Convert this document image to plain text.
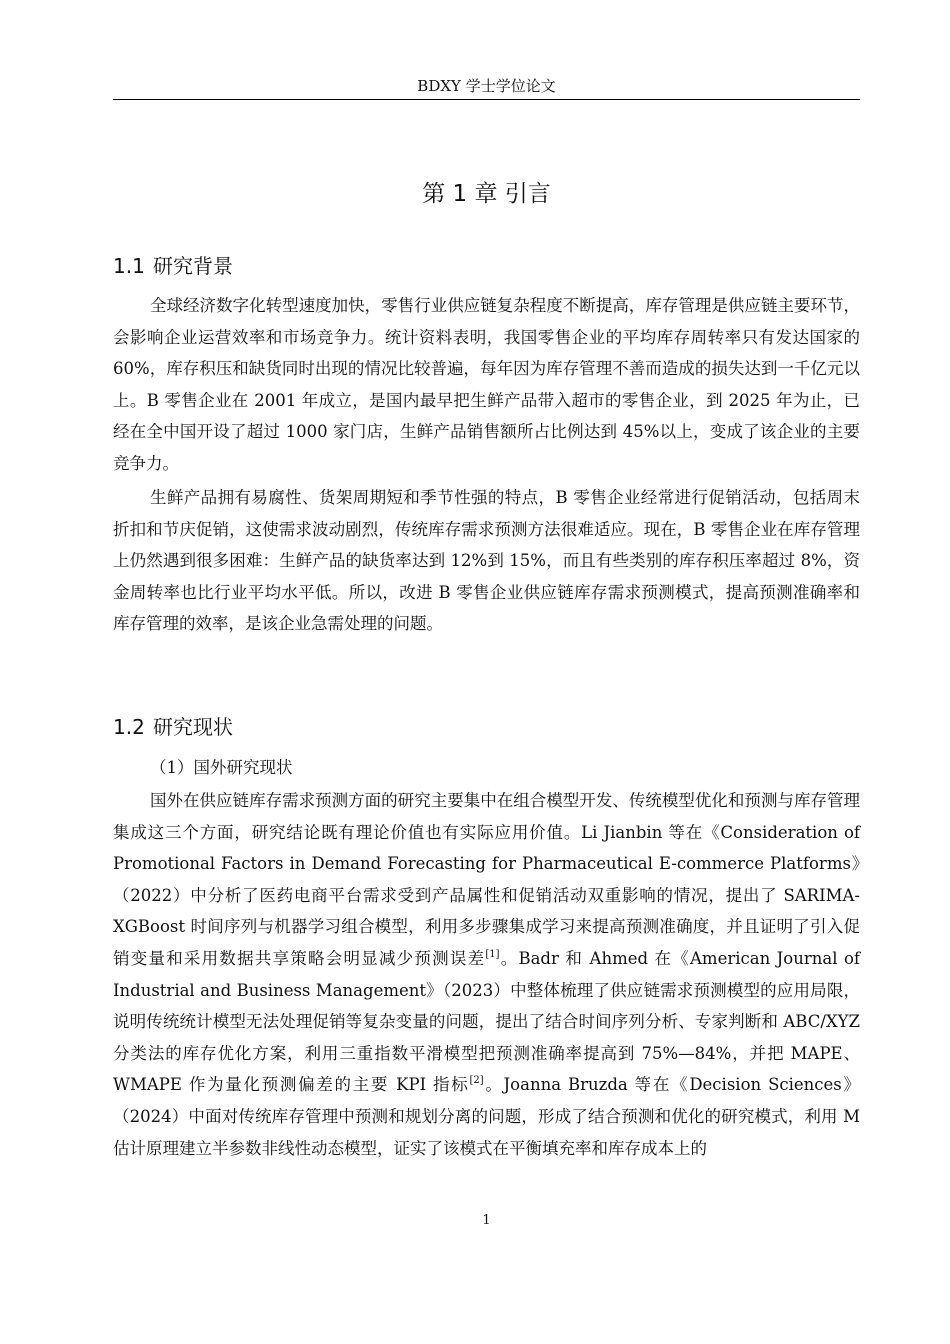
BDXY 学士学位论文
第 1 章 引言
1.1 研究背景

全球经济数字化转型速度加快，零售行业供应链复杂程度不断提高，库存管理是供应链主要环节，会影响企业运营效率和市场竞争力。统计资料表明，我国零售企业的平均库存周转率只有发达国家的 60%，库存积压和缺货同时出现的情况比较普遍，每年因为库存管理不善而造成的损失达到一千亿元以上。B 零售企业在 2001 年成立，是国内最早把生鲜产品带入超市的零售企业，到 2025 年为止，已经在全中国开设了超过 1000 家门店，生鲜产品销售额所占比例达到 45%以上，变成了该企业的主要竞争力。

生鲜产品拥有易腐性、货架周期短和季节性强的特点，B 零售企业经常进行促销活动，包括周末折扣和节庆促销，这使需求波动剧烈，传统库存需求预测方法很难适应。现在，B 零售企业在库存管理上仍然遇到很多困难：生鲜产品的缺货率达到 12%到 15%，而且有些类别的库存积压率超过 8%，资金周转率也比行业平均水平低。所以，改进 B 零售企业供应链库存需求预测模式，提高预测准确率和库存管理的效率，是该企业急需处理的问题。

1.2 研究现状
（1）国外研究现状

国外在供应链库存需求预测方面的研究主要集中在组合模型开发、传统模型优化和预测与库存管理集成这三个方面，研究结论既有理论价值也有实际应用价值。Li Jianbin 等在《Consideration of Promotional Factors in Demand Forecasting for Pharmaceutical E-commerce Platforms》（2022）中分析了医药电商平台需求受到产品属性和促销活动双重影响的情况，提出了 SARIMA-XGBoost 时间序列与机器学习组合模型，利用多步骤集成学习来提高预测准确度，并且证明了引入促销变量和采用数据共享策略会明显减少预测误差[1]。Badr 和 Ahmed 在《American Journal of Industrial and Business Management》（2023）中整体梳理了供应链需求预测模型的应用局限，说明传统统计模型无法处理促销等复杂变量的问题，提出了结合时间序列分析、专家判断和 ABC/XYZ 分类法的库存优化方案，利用三重指数平滑模型把预测准确率提高到 75%—84%，并把 MAPE、WMAPE 作为量化预测偏差的主要 KPI 指标[2]。Joanna Bruzda 等在《Decision Sciences》（2024）中面对传统库存管理中预测和规划分离的问题，形成了结合预测和优化的研究模式，利用 M 估计原理建立半参数非线性动态模型，证实了该模式在平衡填充率和库存成本上的

1
